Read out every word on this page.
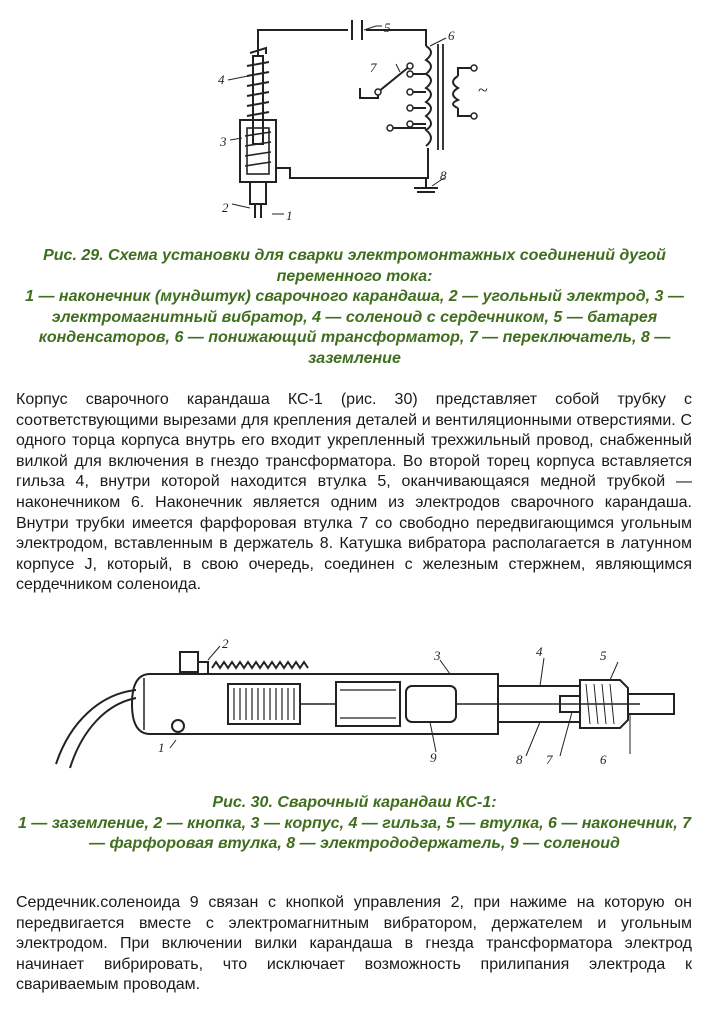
~
1
2
3
4
5
6
7
8
Рис. 29. Схема установки для сварки электромонтажных соединений дугой переменного тока:
1 — наконечник (мундштук) сварочного карандаша, 2 — угольный электрод, 3 — электромагнитный вибратор, 4 — соленоид с сердечником, 5 — батарея конденсаторов, 6 — понижающий трансформатор, 7 — переключатель, 8 — заземление

Корпус сварочного карандаша КС-1 (рис. 30) представляет собой трубку с соответствующими вырезами для крепления деталей и вентиляционными отверстиями. С одного торца корпуса внутрь его входит укрепленный трехжильный провод, снабженный вилкой для включения в гнездо трансформатора. Во второй торец корпуса вставляется гильза 4, внутри которой находится втулка 5, оканчивающаяся медной трубкой — наконечником 6. Наконечник является одним из электродов сварочного карандаша. Внутри трубки имеется фарфоровая втулка 7 со свободно передвигающимся угольным электродом, вставленным в держатель 8. Катушка вибратора располагается в латунном корпусе J, который, в свою очередь, соединен с железным стержнем, являющимся сердечником соленоида.

1
2
3	4	5
6
7
8
9
Рис. 30. Сварочный карандаш КС-1:
1 — заземление, 2 — кнопка, 3 — корпус, 4 — гильза, 5 — втулка, 6 — наконечник, 7 — фарфоровая втулка, 8 — электрододержатель, 9 — соленоид

Сердечник.соленоида 9 связан с кнопкой управления 2, при нажиме на которую он передвигается вместе с электромагнитным вибратором, держателем и угольным электродом. При включении вилки карандаша в гнезда трансформатора электрод начинает вибрировать, что исключает возможность прилипания электрода к свариваемым проводам.
